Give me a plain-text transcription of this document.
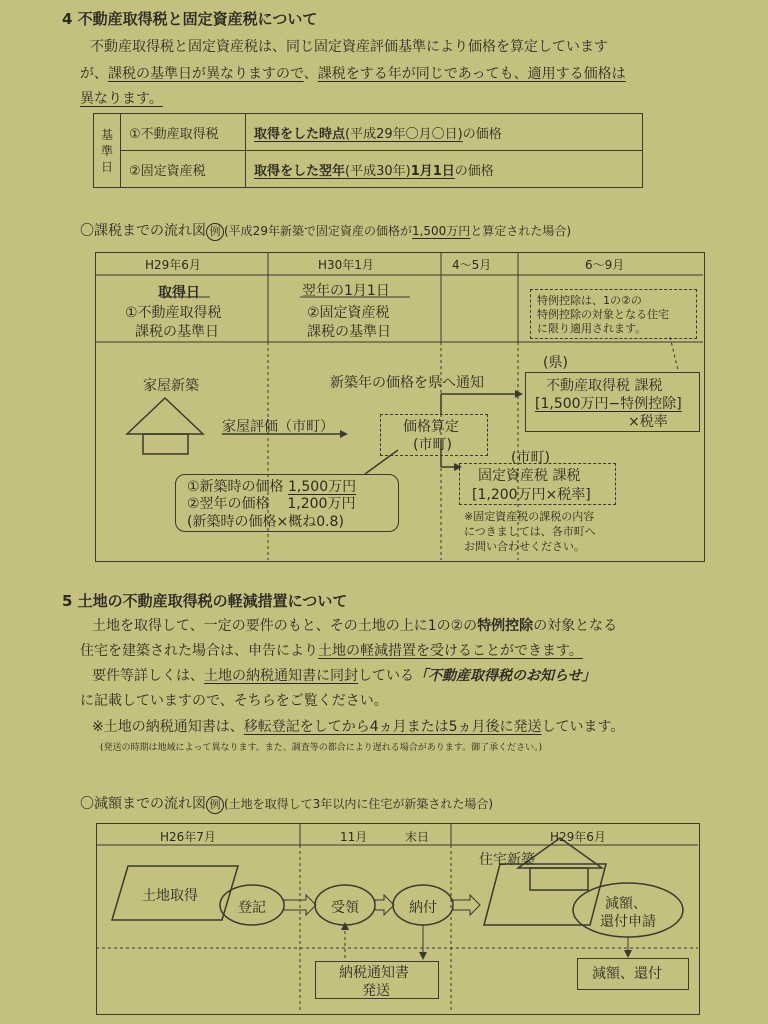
4 不動産取得税と固定資産税について
不動産取得税と固定資産税は、同じ固定資産評価基準により価格を算定しています
が、課税の基準日が異なりますので、課税をする年が同じであっても、適用する価格は
異なります。
基準日	①不動産取得税	取得をした時点(平成29年〇月〇日)の価格
	②固定資産税	取得をした翌年(平成30年)1月1日の価格
〇課税までの流れ図 例 (平成29年新築で固定資産の価格が1,500万円と算定された場合)
H29年6月	H30年1月	4～5月	6～9月
取得日
①不動産取得税
課税の基準日
翌年の1月1日
②固定資産税
課税の基準日
特例控除は、1の②の
特例控除の対象となる住宅
に限り適用されます。
家屋新築
家屋評価（市町）
新築年の価格を県へ通知
価格算定
(市町)
(県)
不動産取得税 課税
[1,500万円−特例控除]
×税率
(市町)
固定資産税 課税
[1,200万円×税率]
①新築時の価格 1,500万円
②翌年の価格 1,200万円
(新築時の価格×概ね0.8)	※固定資産税の課税の内容
につきましては、各市町へ
お問い合わせください。
5 土地の不動産取得税の軽減措置について
土地を取得して、一定の要件のもと、その土地の上に1の②の特例控除の対象となる
住宅を建築された場合は、申告により土地の軽減措置を受けることができます。
要件等詳しくは、土地の納税通知書に同封している「不動産取得税のお知らせ」
に記載していますので、そちらをご覧ください。
※土地の納税通知書は、移転登記をしてから4ヵ月または5ヵ月後に発送しています。
(発送の時期は地域によって異なります。また、調査等の都合により遅れる場合があります。御了承ください。)
〇減額までの流れ図 例 (土地を取得して3年以内に住宅が新築された場合)
H26年7月	11月	末日	H29年6月
土地取得
登記	受領	納付
住宅新築
減額、
還付申請
納税通知書
発送
減額、還付
